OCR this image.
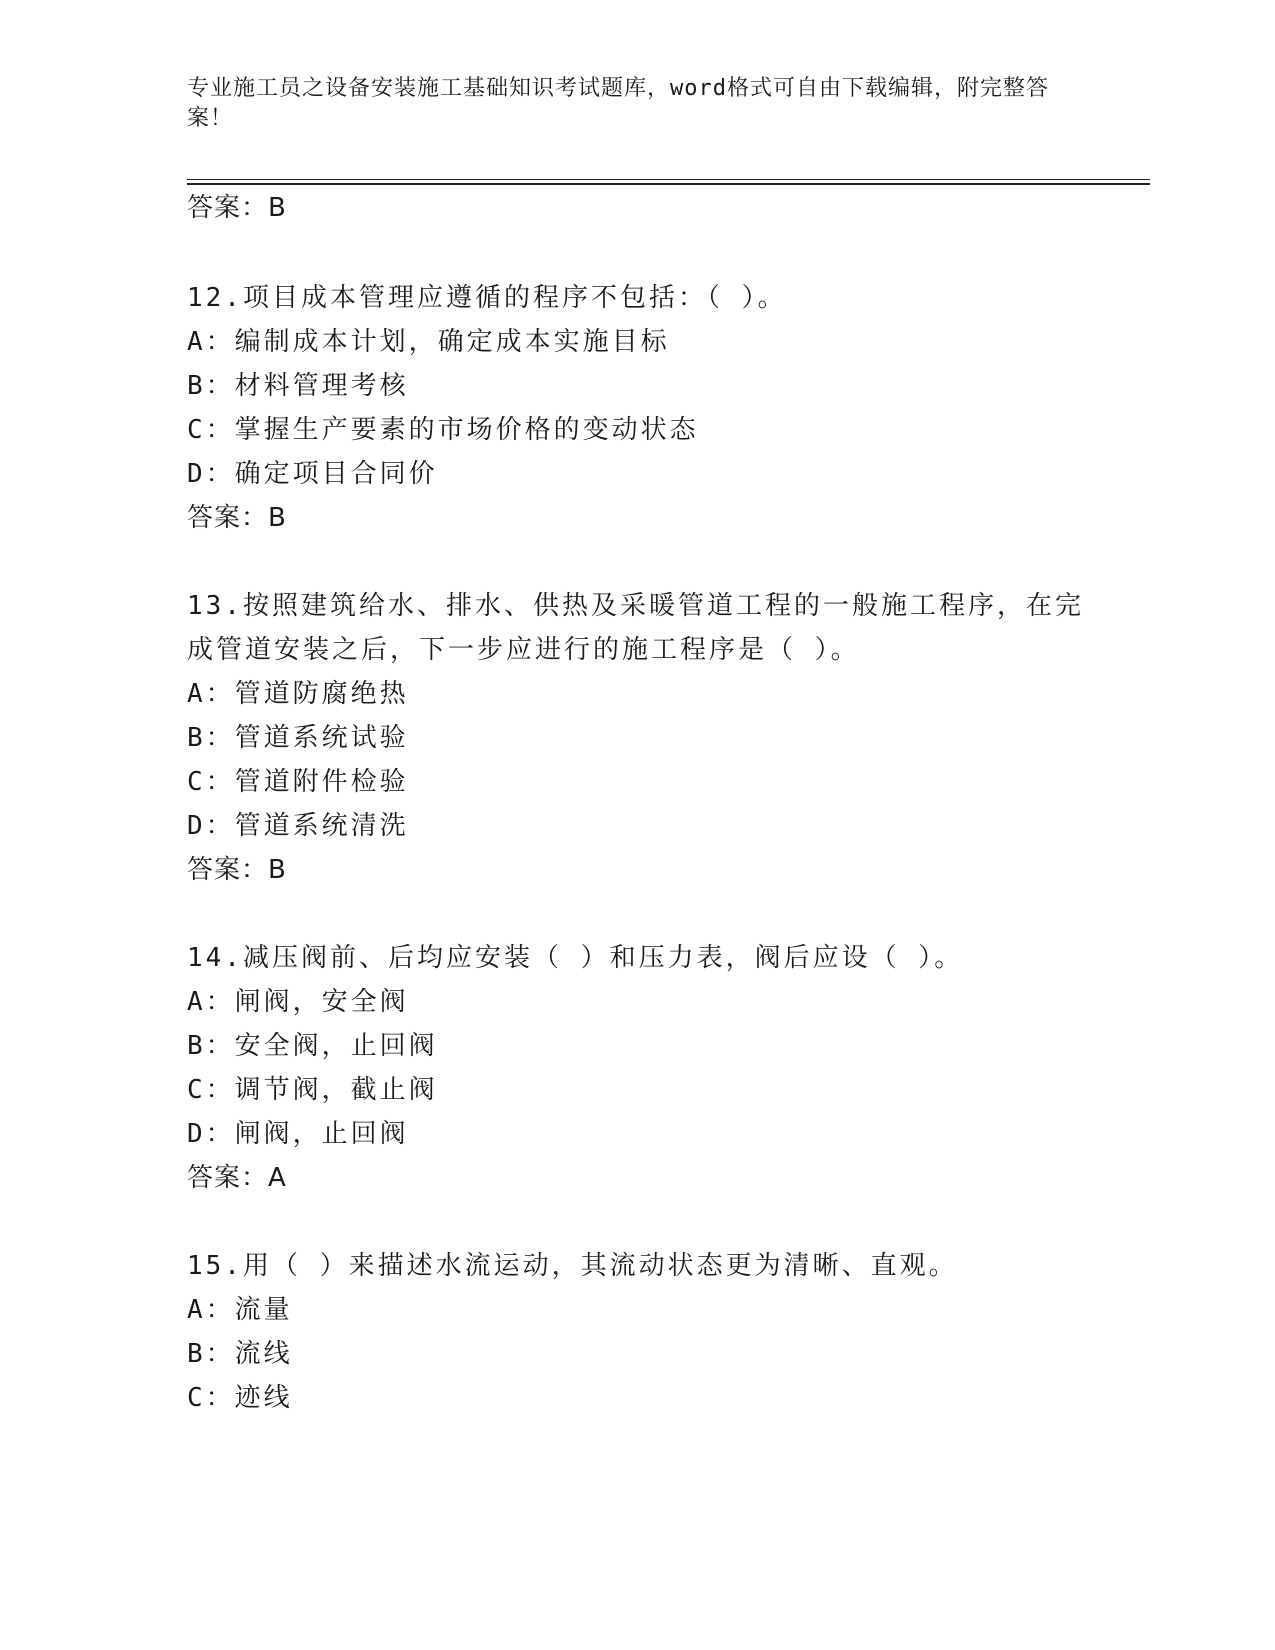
专业施工员之设备安装施工基础知识考试题库，word格式可自由下载编辑，附完整答案！
答案：B
12.项目成本管理应遵循的程序不包括：（ ）。
A：编制成本计划，确定成本实施目标
B：材料管理考核
C：掌握生产要素的市场价格的变动状态
D：确定项目合同价
答案：B
13.按照建筑给水、排水、供热及采暖管道工程的一般施工程序，在完
成管道安装之后，下一步应进行的施工程序是（ ）。
A：管道防腐绝热
B：管道系统试验
C：管道附件检验
D：管道系统清洗
答案：B
14.减压阀前、后均应安装（ ）和压力表，阀后应设（ ）。
A：闸阀，安全阀
B：安全阀，止回阀
C：调节阀，截止阀
D：闸阀，止回阀
答案：A
15.用（ ）来描述水流运动，其流动状态更为清晰、直观。
A：流量
B：流线
C：迹线
